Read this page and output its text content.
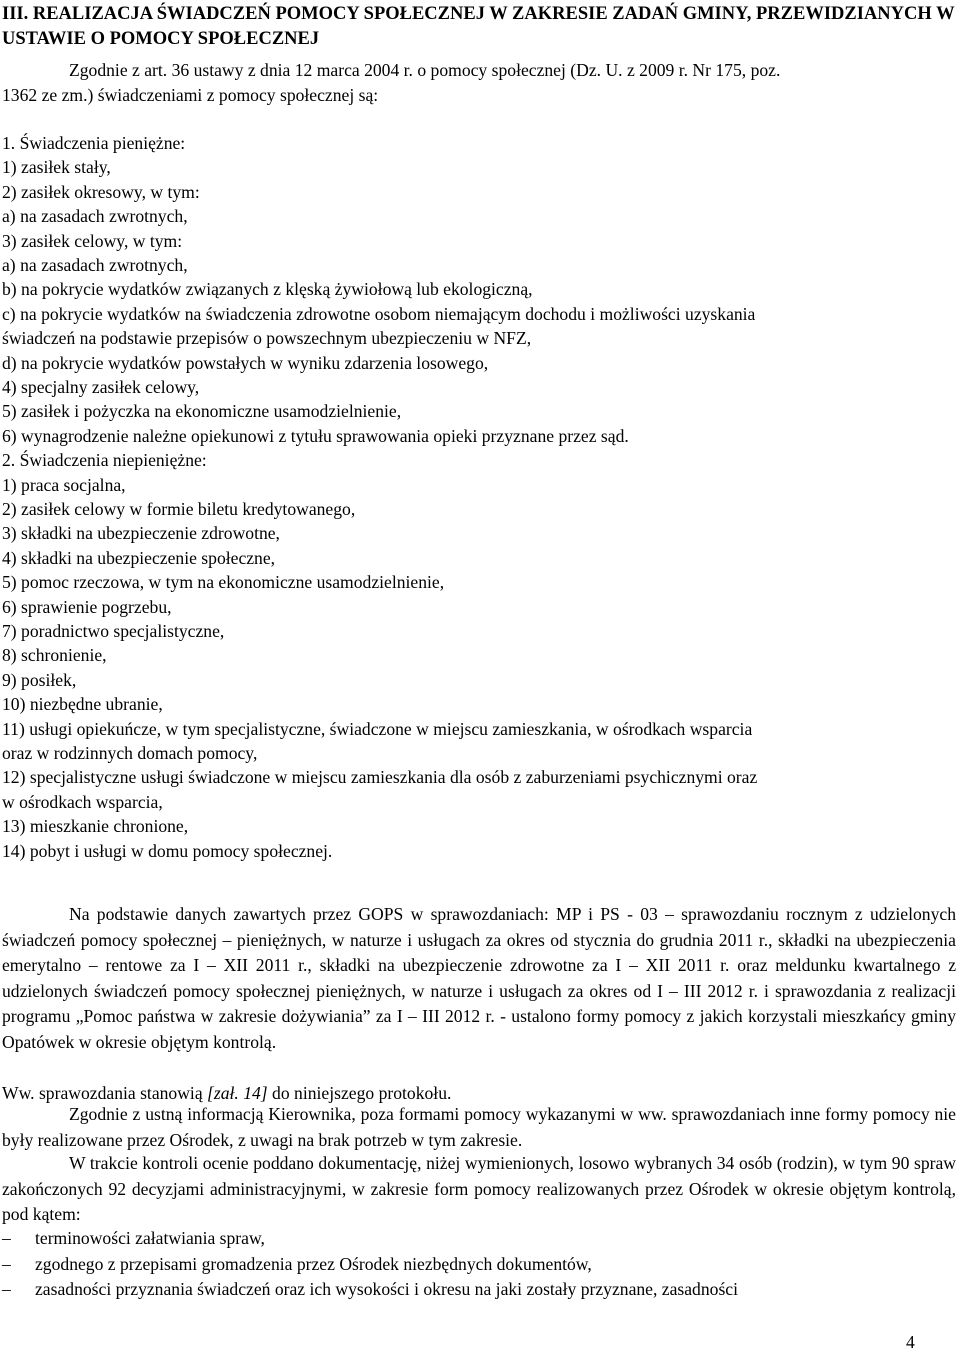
III. REALIZACJA ŚWIADCZEŃ POMOCY SPOŁECZNEJ W ZAKRESIE ZADAŃ GMINY, PRZEWIDZIANYCH W USTAWIE O POMOCY SPOŁECZNEJ
Zgodnie z art. 36 ustawy z dnia 12 marca 2004 r. o pomocy społecznej (Dz. U. z 2009 r. Nr 175, poz.
1362 ze zm.) świadczeniami z pomocy społecznej są:
1. Świadczenia pieniężne:
1) zasiłek stały,
2) zasiłek okresowy, w tym:
a) na zasadach zwrotnych,
3) zasiłek celowy, w tym:
a) na zasadach zwrotnych,
b) na pokrycie wydatków związanych z klęską żywiołową lub ekologiczną,
c) na pokrycie wydatków na świadczenia zdrowotne osobom niemającym dochodu i możliwości uzyskania
świadczeń na podstawie przepisów o powszechnym ubezpieczeniu w NFZ,
d) na pokrycie wydatków powstałych w wyniku zdarzenia losowego,
4) specjalny zasiłek celowy,
5) zasiłek i pożyczka na ekonomiczne usamodzielnienie,
6) wynagrodzenie należne opiekunowi z tytułu sprawowania opieki przyznane przez sąd.
2. Świadczenia niepieniężne:
1) praca socjalna,
2) zasiłek celowy w formie biletu kredytowanego,
3) składki na ubezpieczenie zdrowotne,
4) składki na ubezpieczenie społeczne,
5) pomoc rzeczowa, w tym na ekonomiczne usamodzielnienie,
6) sprawienie pogrzebu,
7) poradnictwo specjalistyczne,
8) schronienie,
9) posiłek,
10) niezbędne ubranie,
11) usługi opiekuńcze, w tym specjalistyczne, świadczone w miejscu zamieszkania, w ośrodkach wsparcia
oraz w rodzinnych domach pomocy,
12) specjalistyczne usługi świadczone w miejscu zamieszkania dla osób z zaburzeniami psychicznymi oraz
w ośrodkach wsparcia,
13) mieszkanie chronione,
14) pobyt i usługi w domu pomocy społecznej.
Na podstawie danych zawartych przez GOPS w sprawozdaniach: MP i PS - 03 – sprawozdaniu rocznym z udzielonych świadczeń pomocy społecznej – pieniężnych, w naturze i usługach za okres od stycznia do grudnia 2011 r., składki na ubezpieczenia emerytalno – rentowe za I – XII 2011 r., składki na ubezpieczenie zdrowotne za I – XII 2011 r. oraz meldunku kwartalnego z udzielonych świadczeń pomocy społecznej pieniężnych, w naturze i usługach za okres od I – III 2012 r. i sprawozdania z realizacji programu „Pomoc państwa w zakresie dożywiania” za I – III 2012 r. - ustalono formy pomocy z jakich korzystali mieszkańcy gminy Opatówek w okresie objętym kontrolą.
Ww. sprawozdania stanowią [zał. 14] do niniejszego protokołu.
Zgodnie z ustną informacją Kierownika, poza formami pomocy wykazanymi w ww. sprawozdaniach inne formy pomocy nie były realizowane przez Ośrodek, z uwagi na brak potrzeb w tym zakresie.
W trakcie kontroli ocenie poddano dokumentację, niżej wymienionych, losowo wybranych 34 osób (rodzin), w tym 90 spraw zakończonych 92 decyzjami administracyjnymi, w zakresie form pomocy realizowanych przez Ośrodek w okresie objętym kontrolą, pod kątem:
–	terminowości załatwiania spraw,
–	zgodnego z przepisami gromadzenia przez Ośrodek niezbędnych dokumentów,
–	zasadności przyznania świadczeń oraz ich wysokości i okresu na jaki zostały przyznane, zasadności
4
